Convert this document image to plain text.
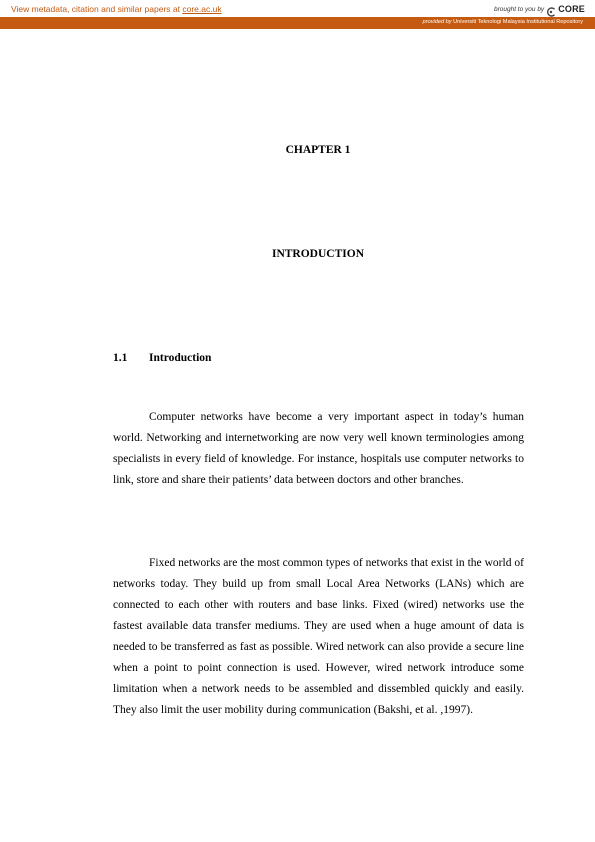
View metadata, citation and similar papers at core.ac.uk	brought to you by CORE
provided by Universiti Teknologi Malaysia Institutional Repository
CHAPTER 1
INTRODUCTION
1.1 Introduction

Computer networks have become a very important aspect in today’s human world. Networking and internetworking are now very well known terminologies among specialists in every field of knowledge. For instance, hospitals use computer networks to link, store and share their patients’ data between doctors and other branches.

Fixed networks are the most common types of networks that exist in the world of networks today. They build up from small Local Area Networks (LANs) which are connected to each other with routers and base links. Fixed (wired) networks use the fastest available data transfer mediums. They are used when a huge amount of data is needed to be transferred as fast as possible. Wired network can also provide a secure line when a point to point connection is used. However, wired network introduce some limitation when a network needs to be assembled and dissembled quickly and easily. They also limit the user mobility during communication (Bakshi, et al. ,1997).
